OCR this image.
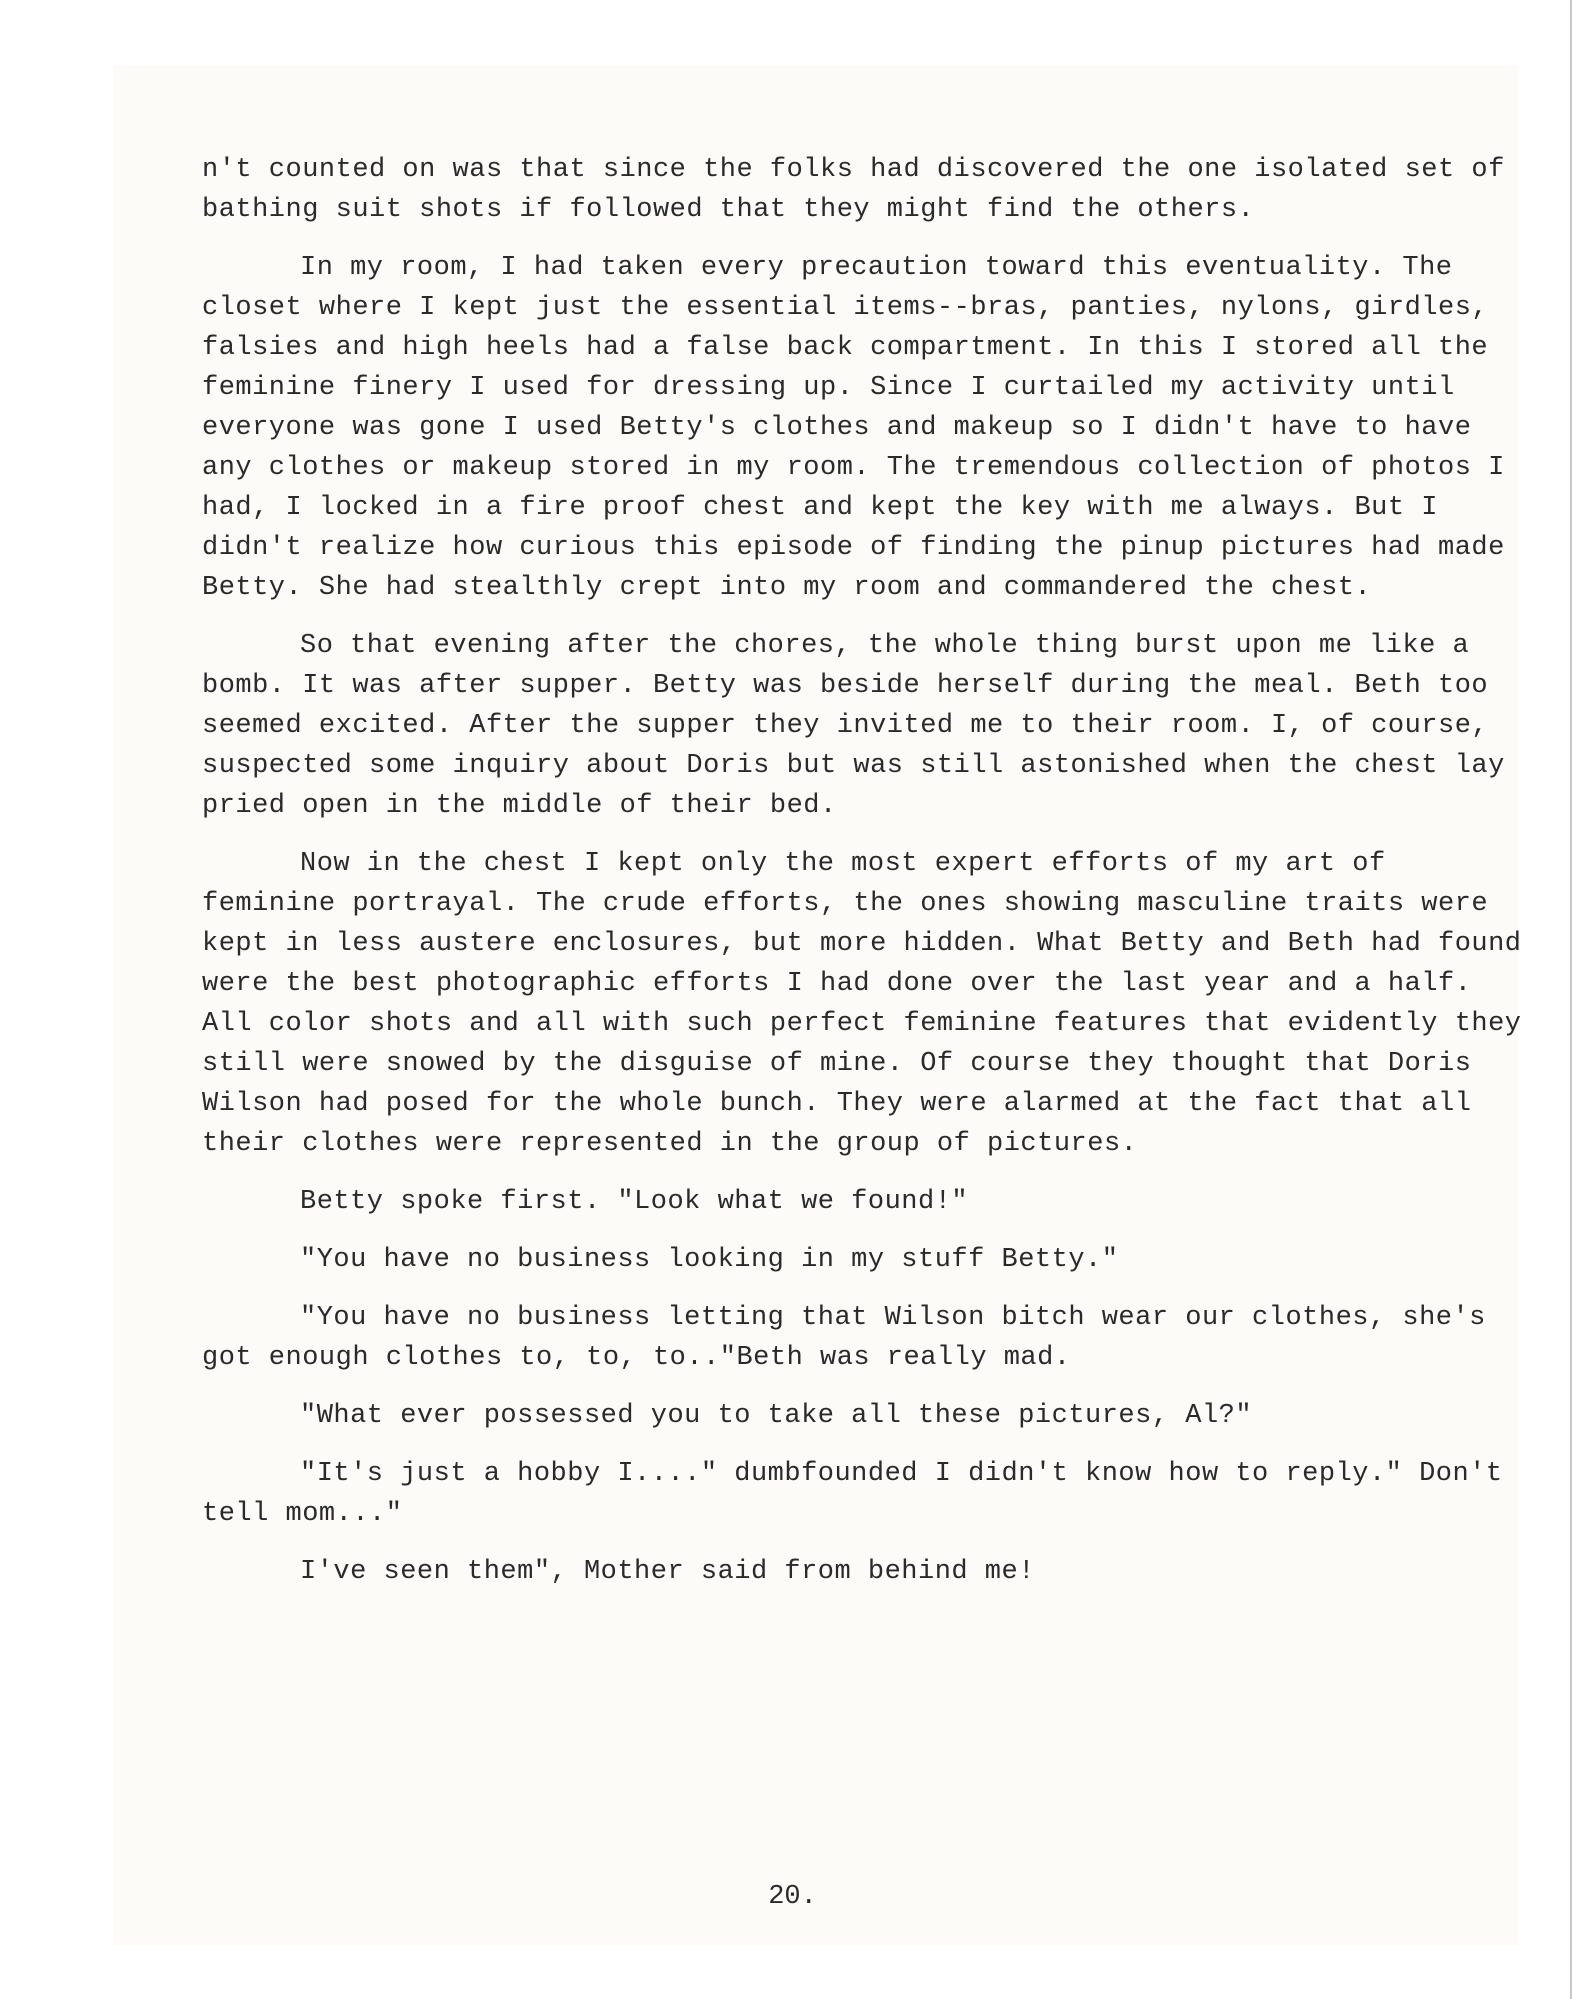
n't counted on was that since the folks had discovered the one isolated set of bathing suit shots if followed that they might find the others.

In my room, I had taken every precaution toward this eventuality. The closet where I kept just the essential items--bras, panties, nylons, girdles, falsies and high heels had a false back compartment. In this I stored all the feminine finery I used for dressing up. Since I curtailed my activity until everyone was gone I used Betty's clothes and makeup so I didn't have to have any clothes or makeup stored in my room. The tremendous collection of photos I had, I locked in a fire proof chest and kept the key with me always. But I didn't realize how curious this episode of finding the pinup pictures had made Betty. She had stealthly crept into my room and commandered the chest.

So that evening after the chores, the whole thing burst upon me like a bomb. It was after supper. Betty was beside herself during the meal. Beth too seemed excited. After the supper they invited me to their room. I, of course, suspected some inquiry about Doris but was still astonished when the chest lay pried open in the middle of their bed.

Now in the chest I kept only the most expert efforts of my art of feminine portrayal. The crude efforts, the ones showing masculine traits were kept in less austere enclosures, but more hidden. What Betty and Beth had found were the best photographic efforts I had done over the last year and a half. All color shots and all with such perfect feminine features that evidently they still were snowed by the disguise of mine. Of course they thought that Doris Wilson had posed for the whole bunch. They were alarmed at the fact that all their clothes were represented in the group of pictures.

Betty spoke first. "Look what we found!"

"You have no business looking in my stuff Betty."

"You have no business letting that Wilson bitch wear our clothes, she's got enough clothes to, to, to.."Beth was really mad.

"What ever possessed you to take all these pictures, Al?"

"It's just a hobby I...." dumbfounded I didn't know how to reply." Don't tell mom..."

I've seen them", Mother said from behind me!

20.
